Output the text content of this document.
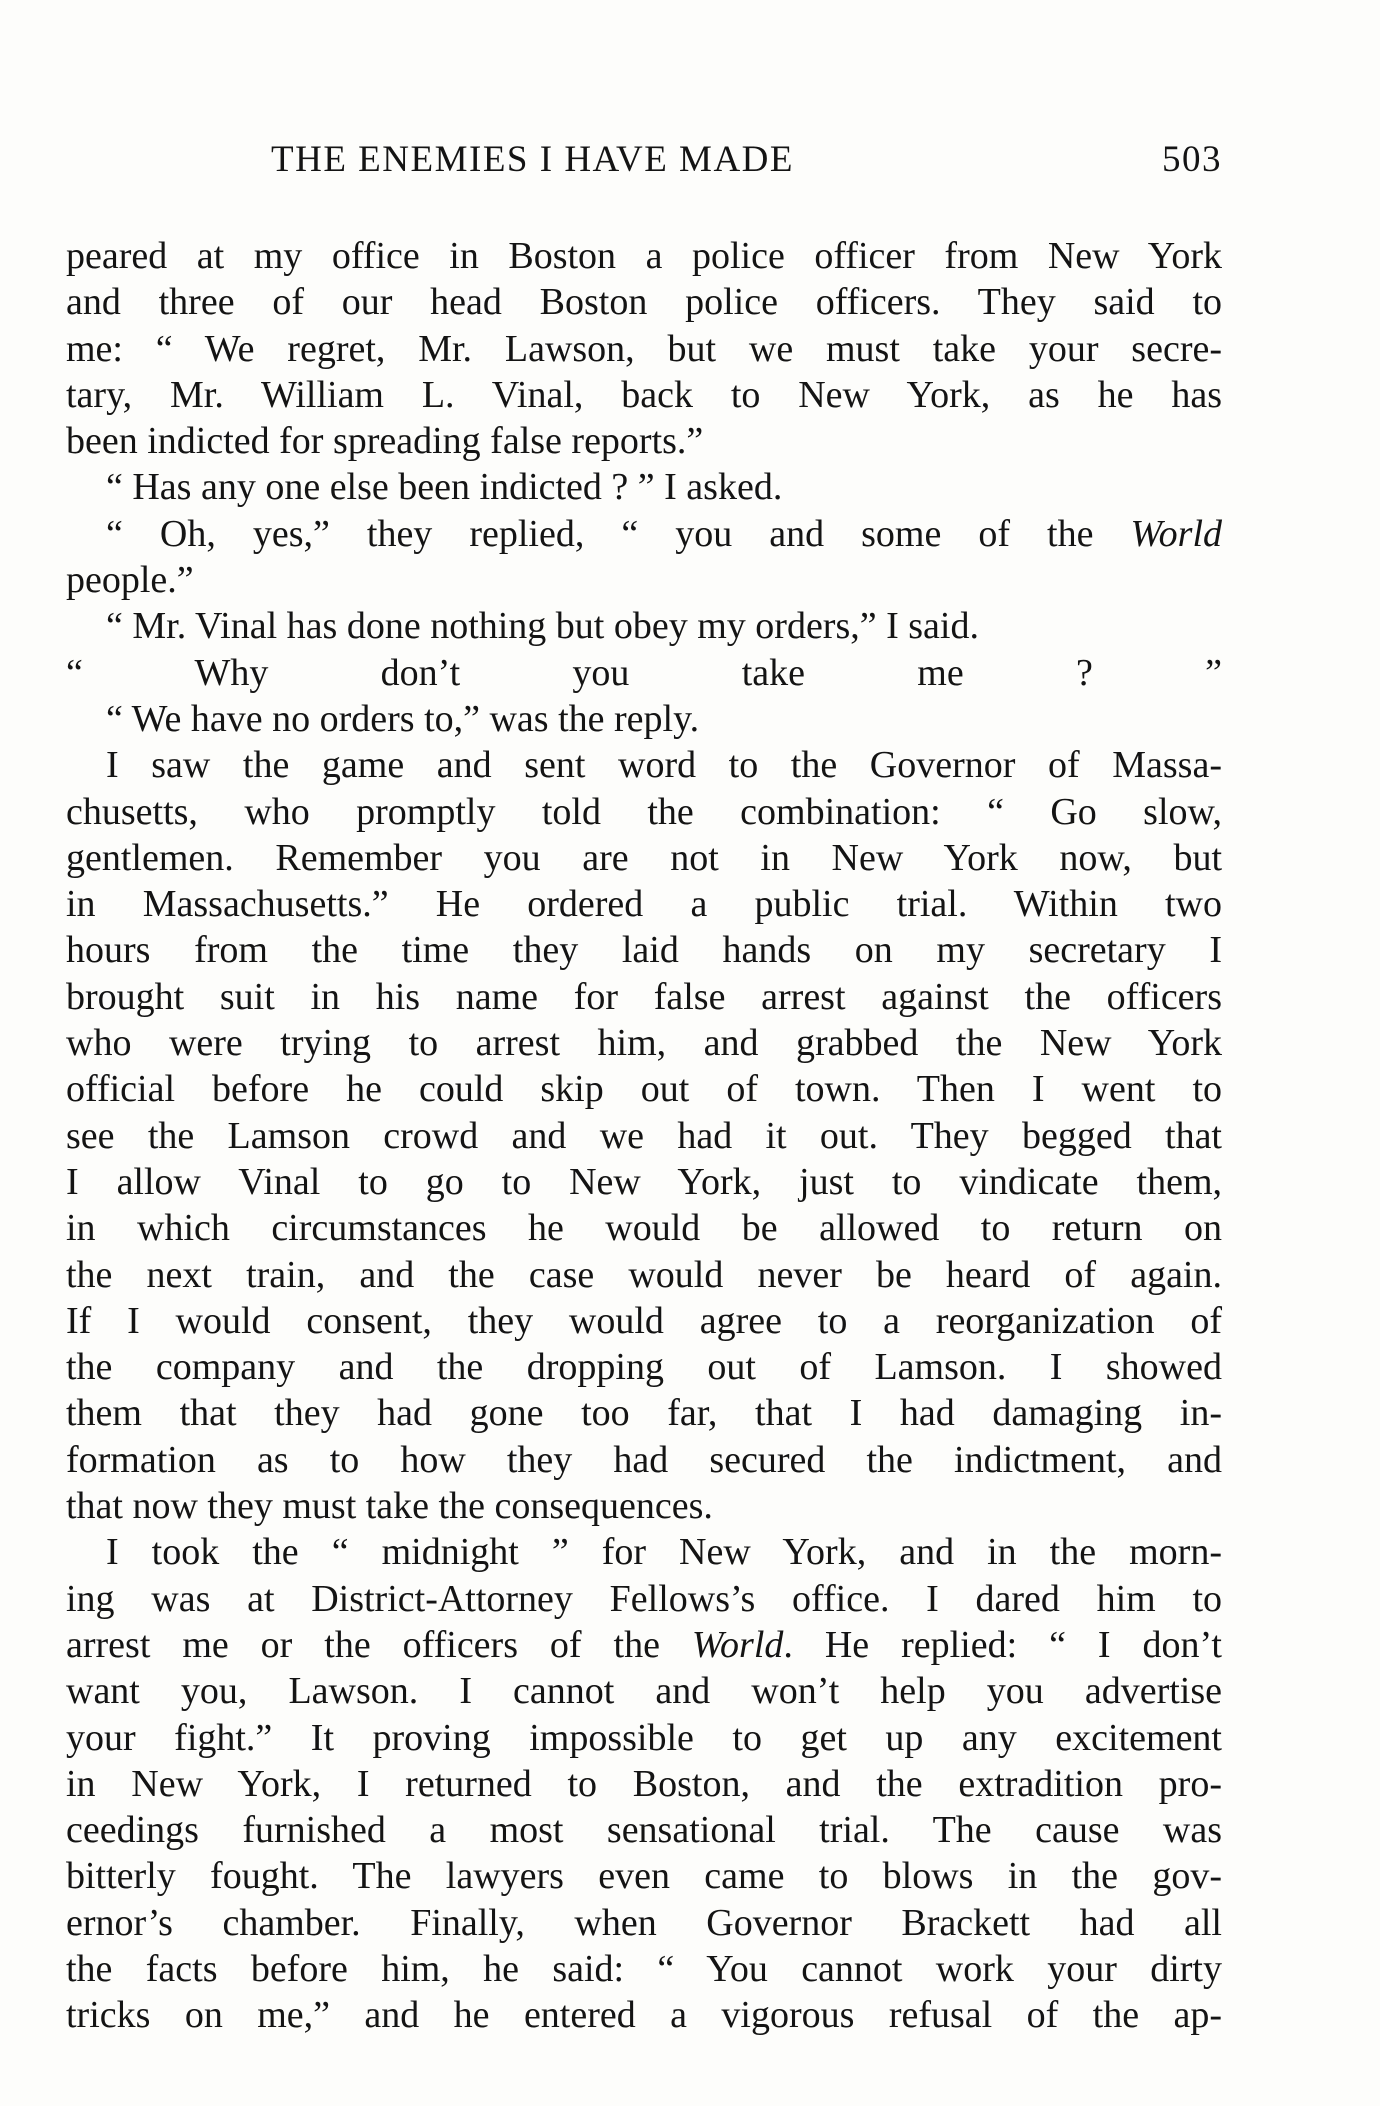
THE ENEMIES I HAVE MADE	503
peared at my office in Boston a police officer from New York
and three of our head Boston police officers. They said to
me: “ We regret, Mr. Lawson, but we must take your secre-
tary, Mr. William L. Vinal, back to New York, as he has
been indicted for spreading false reports.”
“ Has any one else been indicted ? ” I asked.
“ Oh, yes,” they replied, “ you and some of the World
people.”
“ Mr. Vinal has done nothing but obey my orders,” I said.
“ Why don’t you take me ? ”
“ We have no orders to,” was the reply.
I saw the game and sent word to the Governor of Massa-
chusetts, who promptly told the combination: “ Go slow,
gentlemen. Remember you are not in New York now, but
in Massachusetts.” He ordered a public trial. Within two
hours from the time they laid hands on my secretary I
brought suit in his name for false arrest against the officers
who were trying to arrest him, and grabbed the New York
official before he could skip out of town. Then I went to
see the Lamson crowd and we had it out. They begged that
I allow Vinal to go to New York, just to vindicate them,
in which circumstances he would be allowed to return on
the next train, and the case would never be heard of again.
If I would consent, they would agree to a reorganization of
the company and the dropping out of Lamson. I showed
them that they had gone too far, that I had damaging in-
formation as to how they had secured the indictment, and
that now they must take the consequences.
I took the “ midnight ” for New York, and in the morn-
ing was at District-Attorney Fellows’s office. I dared him to
arrest me or the officers of the World. He replied: “ I don’t
want you, Lawson. I cannot and won’t help you advertise
your fight.” It proving impossible to get up any excitement
in New York, I returned to Boston, and the extradition pro-
ceedings furnished a most sensational trial. The cause was
bitterly fought. The lawyers even came to blows in the gov-
ernor’s chamber. Finally, when Governor Brackett had all
the facts before him, he said: “ You cannot work your dirty
tricks on me,” and he entered a vigorous refusal of the ap-
